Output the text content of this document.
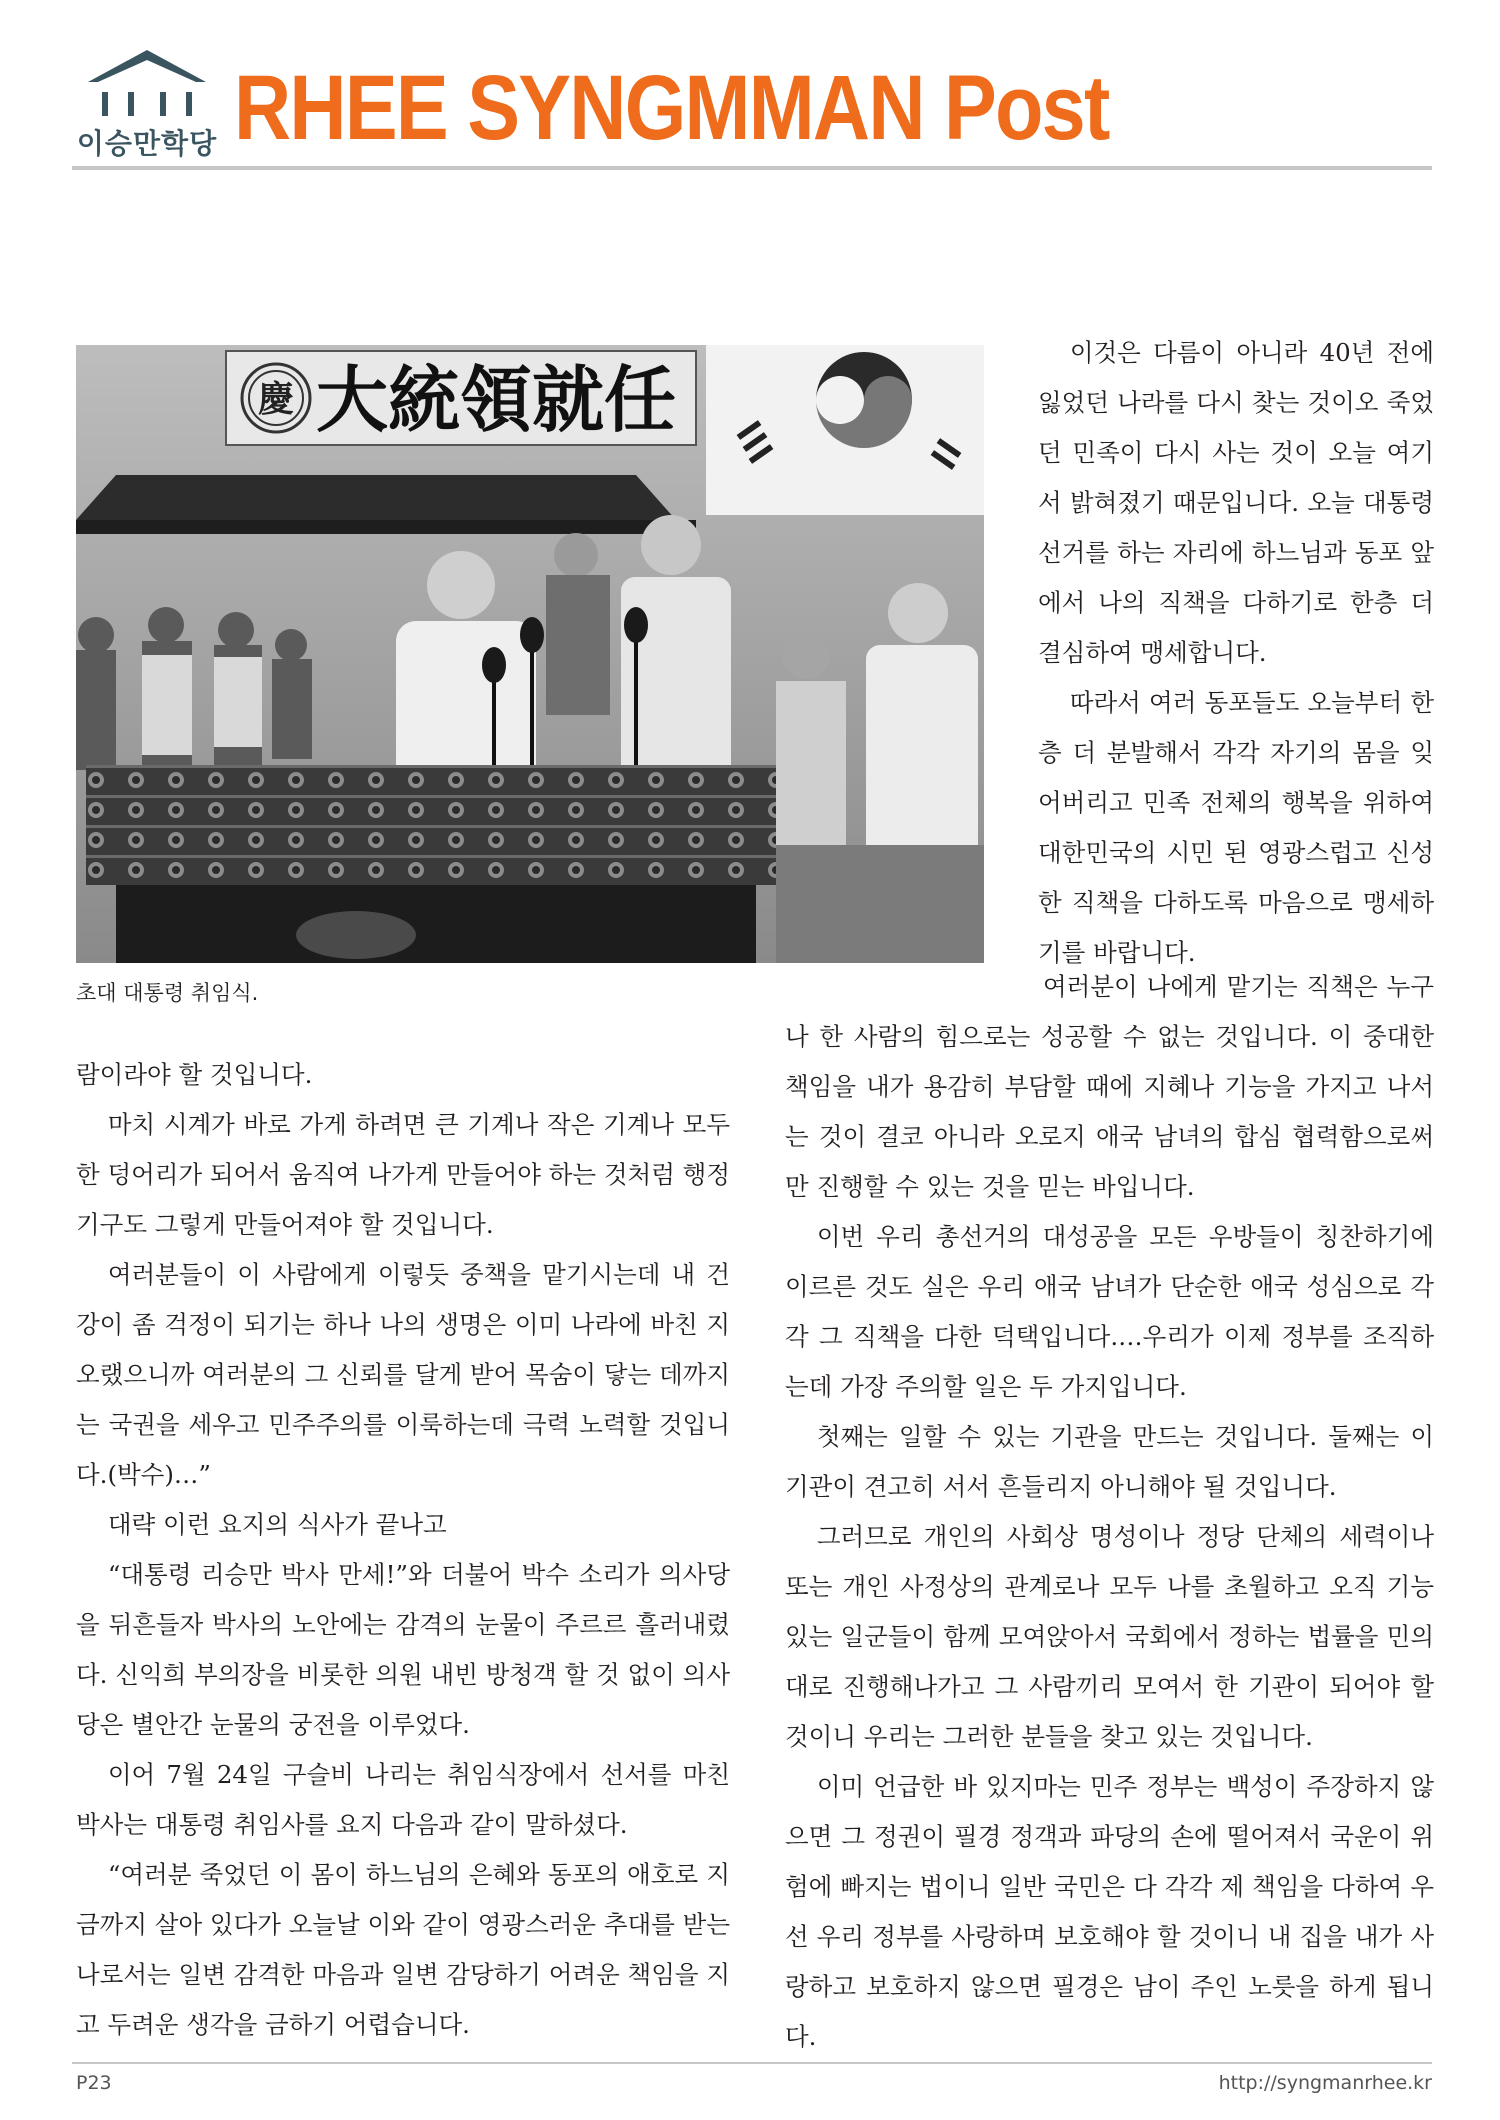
이승만학당 RHEE SYNGMMAN Post
慶 大統領就任
초대 대통령 취임식.

이것은 다름이 아니라 40년 전에 잃었던 나라를 다시 찾는 것이오 죽었던 민족이 다시 사는 것이 오늘 여기서 밝혀졌기 때문입니다. 오늘 대통령 선거를 하는 자리에 하느님과 동포 앞에서 나의 직책을 다하기로 한층 더 결심하여 맹세합니다.

따라서 여러 동포들도 오늘부터 한층 더 분발해서 각각 자기의 몸을 잊어버리고 민족 전체의 행복을 위하여 대한민국의 시민 된 영광스럽고 신성한 직책을 다하도록 마음으로 맹세하기를 바랍니다.

람이라야 할 것입니다.

마치 시계가 바로 가게 하려면 큰 기계나 작은 기계나 모두 한 덩어리가 되어서 움직여 나가게 만들어야 하는 것처럼 행정기구도 그렇게 만들어져야 할 것입니다.

여러분들이 이 사람에게 이렇듯 중책을 맡기시는데 내 건강이 좀 걱정이 되기는 하나 나의 생명은 이미 나라에 바친 지 오랬으니까 여러분의 그 신뢰를 달게 받어 목숨이 닿는 데까지는 국권을 세우고 민주주의를 이룩하는데 극력 노력할 것입니다.(박수)…”

대략 이런 요지의 식사가 끝나고

“대통령 리승만 박사 만세!”와 더불어 박수 소리가 의사당을 뒤흔들자 박사의 노안에는 감격의 눈물이 주르르 흘러내렸다. 신익희 부의장을 비롯한 의원 내빈 방청객 할 것 없이 의사당은 별안간 눈물의 궁전을 이루었다.

이어 7월 24일 구슬비 나리는 취임식장에서 선서를 마친 박사는 대통령 취임사를 요지 다음과 같이 말하셨다.

“여러분 죽었던 이 몸이 하느님의 은혜와 동포의 애호로 지금까지 살아 있다가 오늘날 이와 같이 영광스러운 추대를 받는 나로서는 일변 감격한 마음과 일변 감당하기 어려운 책임을 지고 두려운 생각을 금하기 어렵습니다.

여러분이 나에게 맡기는 직책은 누구나 한 사람의 힘으로는 성공할 수 없는 것입니다. 이 중대한 책임을 내가 용감히 부담할 때에 지혜나 기능을 가지고 나서는 것이 결코 아니라 오로지 애국 남녀의 합심 협력함으로써만 진행할 수 있는 것을 믿는 바입니다.

이번 우리 총선거의 대성공을 모든 우방들이 칭찬하기에 이르른 것도 실은 우리 애국 남녀가 단순한 애국 성심으로 각각 그 직책을 다한 덕택입니다.…우리가 이제 정부를 조직하는데 가장 주의할 일은 두 가지입니다.

첫째는 일할 수 있는 기관을 만드는 것입니다. 둘째는 이 기관이 견고히 서서 흔들리지 아니해야 될 것입니다.

그러므로 개인의 사회상 명성이나 정당 단체의 세력이나 또는 개인 사정상의 관계로나 모두 나를 초월하고 오직 기능 있는 일군들이 함께 모여앉아서 국회에서 정하는 법률을 민의대로 진행해나가고 그 사람끼리 모여서 한 기관이 되어야 할 것이니 우리는 그러한 분들을 찾고 있는 것입니다.

이미 언급한 바 있지마는 민주 정부는 백성이 주장하지 않으면 그 정권이 필경 정객과 파당의 손에 떨어져서 국운이 위험에 빠지는 법이니 일반 국민은 다 각각 제 책임을 다하여 우선 우리 정부를 사랑하며 보호해야 할 것이니 내 집을 내가 사랑하고 보호하지 않으면 필경은 남이 주인 노릇을 하게 됩니다.

P23	http://syngmanrhee.kr
